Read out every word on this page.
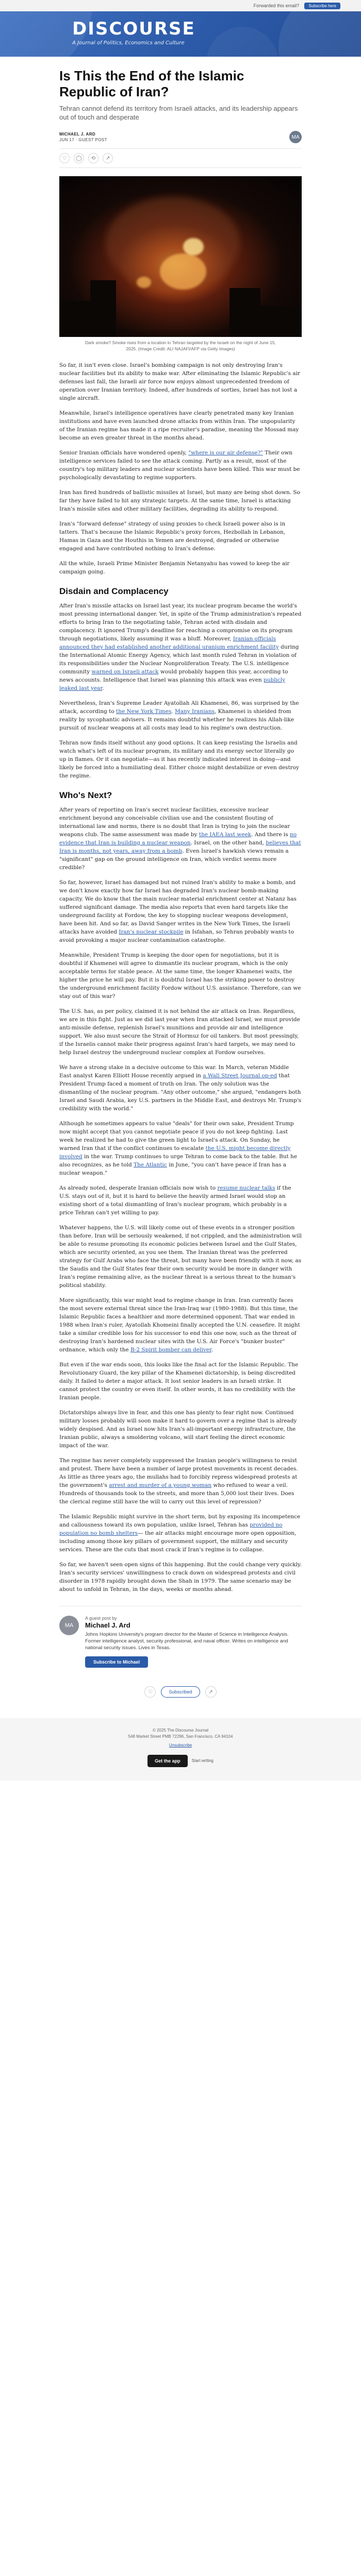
Forwarded this email?	Subscribe here
DISCOURSE
A Journal of Politics, Economics and Culture
Is This the End of the Islamic Republic of Iran?
Tehran cannot defend its territory from Israeli attacks, and its leadership appears out of touch and desperate
MICHAEL J. ARD
JUN 17 · GUEST POST	MA
♡	◯	⟲	↗
Dark smoke? Smoke rises from a location in Tehran targeted by the Israeli on the night of June 15, 2025. (Image Credit: ALI NAJAFI/AFP via Getty Images)

So far, it isn't even close. Israel's bombing campaign is not only destroying Iran's nuclear facilities but its ability to make war. After eliminating the Islamic Republic's air defenses last fall, the Israeli air force now enjoys almost unprecedented freedom of operation over Iranian territory. Indeed, after hundreds of sorties, Israel has not lost a single aircraft.

Meanwhile, Israel's intelligence operatives have clearly penetrated many key Iranian institutions and have even launched drone attacks from within Iran. The unpopularity of the Iranian regime has made it a ripe recruiter's paradise, meaning the Mossad may become an even greater threat in the months ahead.

Senior Iranian officials have wondered openly, "where is our air defense?" Their own intelligence services failed to see the attack coming. Partly as a result, most of the country's top military leaders and nuclear scientists have been killed. This war must be psychologically devastating to regime supporters.

Iran has fired hundreds of ballistic missiles at Israel, but many are being shot down. So far they have failed to hit any strategic targets. At the same time, Israel is attacking Iran's missile sites and other military facilities, degrading its ability to respond.

Iran's "forward defense" strategy of using proxies to check Israeli power also is in tatters. That's because the Islamic Republic's proxy forces, Hezbollah in Lebanon, Hamas in Gaza and the Houthis in Yemen are destroyed, degraded or otherwise engaged and have contributed nothing to Iran's defense.

All the while, Israeli Prime Minister Benjamin Netanyahu has vowed to keep the air campaign going.

Disdain and Complacency

After Iran's missile attacks on Israel last year, its nuclear program became the world's most pressing international danger. Yet, in spite of the Trump administration's repeated efforts to bring Iran to the negotiating table, Tehran acted with disdain and complacency. It ignored Trump's deadline for reaching a compromise on its program through negotiations, likely assuming it was a bluff. Moreover, Iranian officials announced they had established another additional uranium enrichment facility during the International Atomic Energy Agency, which last month ruled Tehran in violation of its responsibilities under the Nuclear Nonproliferation Treaty. The U.S. intelligence community warned on Israeli attack would probably happen this year, according to news accounts. Intelligence that Israel was planning this attack was even publicly leaked last year.

Nevertheless, Iran's Supreme Leader Ayatollah Ali Khamenei, 86, was surprised by the attack, according to the New York Times. Many Iranians, Khamenei is shielded from reality by sycophantic advisers. It remains doubtful whether he realizes his Allah-like pursuit of nuclear weapons at all costs may lead to his regime's own destruction.

Tehran now finds itself without any good options. It can keep resisting the Israelis and watch what's left of its nuclear program, its military and its energy sector literally go up in flames. Or it can negotiate—as it has recently indicated interest in doing—and likely be forced into a humiliating deal. Either choice might destabilize or even destroy the regime.

Who's Next?

After years of reporting on Iran's secret nuclear facilities, excessive nuclear enrichment beyond any conceivable civilian use and the consistent flouting of international law and norms, there is no doubt that Iran is trying to join the nuclear weapons club. The same assessment was made by the IAEA last week. And there is no evidence that Iran is building a nuclear weapon. Israel, on the other hand, believes that Iran is months, not years, away from a bomb. Even Israel's hawkish views remain a "significant" gap on the ground intelligence on Iran, which verdict seems more credible?

So far, however, Israel has damaged but not ruined Iran's ability to make a bomb, and we don't know exactly how far Israel has degraded Iran's nuclear bomb-making capacity. We do know that the main nuclear material enrichment center at Natanz has suffered significant damage. The media also reports that even hard targets like the underground facility at Fordow, the key to stopping nuclear weapons development, have been hit. And so far, as David Sanger writes in the New York Times, the Israeli attacks have avoided Iran's nuclear stockpile in Isfahan, so Tehran probably wants to avoid provoking a major nuclear contamination catastrophe.

Meanwhile, President Trump is keeping the door open for negotiations, but it is doubtful if Khamenei will agree to dismantle its nuclear program, which is the only acceptable terms for stable peace. At the same time, the longer Khamenei waits, the higher the price he will pay. But it is doubtful Israel has the striking power to destroy the underground enrichment facility Fordow without U.S. assistance. Therefore, can we stay out of this war?

The U.S. has, as per policy, claimed it is not behind the air attack on Iran. Regardless, we are in this fight. Just as we did last year when Iran attacked Israel, we must provide anti-missile defense, replenish Israel's munitions and provide air and intelligence support. We also must secure the Strait of Hormuz for oil tankers. But most pressingly, if the Israelis cannot make their progress against Iran's hard targets, we may need to help Israel destroy the underground nuclear complex at Fordow ourselves.

We have a strong stake in a decisive outcome to this war. In March, veteran Middle East analyst Karen Elliott House recently argued in a Wall Street Journal op-ed that President Trump faced a moment of truth on Iran. The only solution was the dismantling of the nuclear program. "Any other outcome," she argued, "endangers both Israel and Saudi Arabia, key U.S. partners in the Middle East, and destroys Mr. Trump's credibility with the world."

Although he sometimes appears to value "deals" for their own sake, President Trump now might accept that you cannot negotiate peace if you do not keep fighting. Last week he realized he had to give the green light to Israel's attack. On Sunday, he warned Iran that if the conflict continues to escalate the U.S. might become directly involved in the war. Trump continues to urge Tehran to come back to the table. But he also recognizes, as he told The Atlantic in June, "you can't have peace if Iran has a nuclear weapon."

As already noted, desperate Iranian officials now wish to resume nuclear talks if the U.S. stays out of it, but it is hard to believe the heavily armed Israel would stop an existing short of a total dismantling of Iran's nuclear program, which probably is a price Tehran can't yet willing to pay.

Whatever happens, the U.S. will likely come out of these events in a stronger position than before. Iran will be seriously weakened, if not crippled, and the administration will be able to resume promoting its economic policies between Israel and the Gulf States, which are security oriented, as you see them. The Iranian threat was the preferred strategy for Gulf Arabs who face the threat, but many have been friendly with it now, as the Saudis and the Gulf States fear their own security would be more in danger with Iran's regime remaining alive, as the nuclear threat is a serious threat to the human's political stability.

More significantly, this war might lead to regime change in Iran. Iran currently faces the most severe external threat since the Iran-Iraq war (1980-1988). But this time, the Islamic Republic faces a healthier and more determined opponent. That war ended in 1988 when Iran's ruler, Ayatollah Khomeini finally accepted the U.N. ceasefire. It might take a similar credible loss for his successor to end this one now, such as the threat of destroying Iran's hardened nuclear sites with the U.S. Air Force's "bunker buster" ordnance, which only the B-2 Spirit bomber can deliver.

But even if the war ends soon, this looks like the final act for the Islamic Republic. The Revolutionary Guard, the key pillar of the Khamenei dictatorship, is being discredited daily. It failed to deter a major attack. It lost senior leaders in an Israeli strike. It cannot protect the country or even itself. In other words, it has no credibility with the Iranian people.

Dictatorships always live in fear, and this one has plenty to fear right now. Continued military losses probably will soon make it hard to govern over a regime that is already widely despised. And as Israel now hits Iran's all-important energy infrastructure, the Iranian public, always a smoldering volcano, will start feeling the direct economic impact of the war.

The regime has never completely suppressed the Iranian people's willingness to resist and protest. There have been a number of large protest movements in recent decades. As little as three years ago, the mullahs had to forcibly repress widespread protests at the government's arrest and murder of a young woman who refused to wear a veil. Hundreds of thousands took to the streets, and more than 5,000 lost their lives. Does the clerical regime still have the will to carry out this level of repression?

The Islamic Republic might survive in the short term, but by exposing its incompetence and callousness toward its own population, unlike Israel, Tehran has provided no population no bomb shelters— the air attacks might encourage more open opposition, including among those key pillars of government support, the military and security services. These are the cuts that most crack if Iran's regime is to collapse.

So far, we haven't seen open signs of this happening. But the could change very quickly. Iran's security services' unwillingness to crack down on widespread protests and civil disorder in 1978 rapidly brought down the Shah in 1979. The same scenario may be about to unfold in Tehran, in the days, weeks or months ahead.

MA
A guest post by
Michael J. Ard
Johns Hopkins University's program director for the Master of Science in Intelligence Analysis. Former intelligence analyst, security professional, and naval officer. Writes on intelligence and national security issues. Lives in Texas.
Subscribe to Michael
♡	Subscribed	↗
© 2025 The Discourse Journal
548 Market Street PMB 72296, San Francisco, CA 94104
Unsubscribe
Get the app	Start writing
